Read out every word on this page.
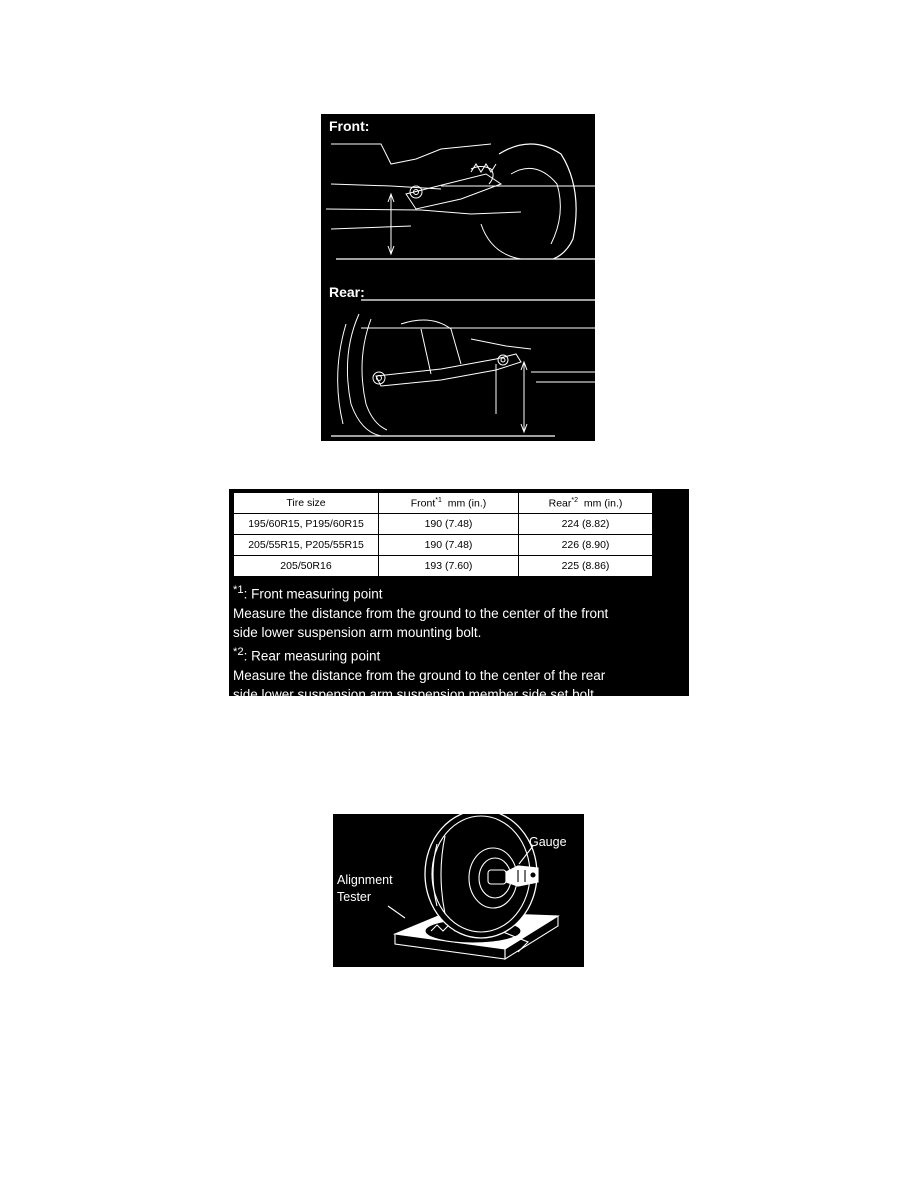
Front:
Rear:
Tire size	Front$^{*1}$ mm (in.)	Rear$^{*2}$ mm (in.)
195/60R15, P195/60R15	190 (7.48)	224 (8.82)
205/55R15, P205/55R15	190 (7.48)	226 (8.90)
205/50R16	193 (7.60)	225 (8.86)
$^{*1}$: Front measuring point
Measure the distance from the ground to the center of the front
side lower suspension arm mounting bolt.
$^{*2}$: Rear measuring point
Measure the distance from the ground to the center of the rear
side lower suspension arm suspension member side set bolt.
Gauge
Alignment
Tester
